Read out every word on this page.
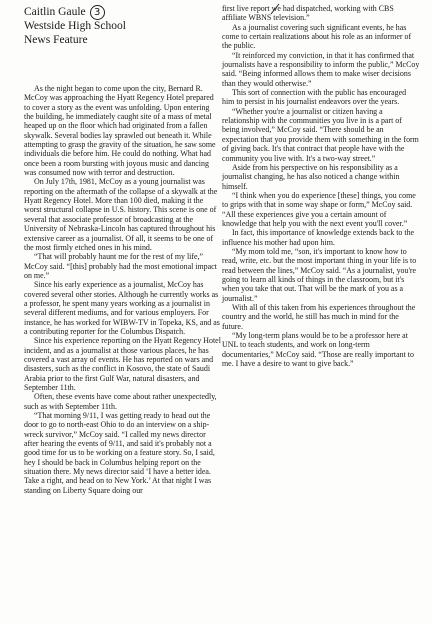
Caitlin Gaule 3
Westside High School
News Feature

As the night began to come upon the city, Bernard R. McCoy was approaching the Hyatt Regency Hotel prepared to cover a story as the event was unfolding. Upon entering the building, he immediately caught site of a mass of metal heaped up on the floor which had originated from a fallen skywalk. Several bodies lay sprawled out beneath it. While attempting to grasp the gravity of the situation, he saw some individuals die before him. He could do nothing. What had once been a room bursting with joyous music and dancing was consumed now with terror and destruction.

On July 17th, 1981, McCoy as a young journalist was reporting on the aftermath of the collapse of a skywalk at the Hyatt Regency Hotel. More than 100 died, making it the worst structural collapse in U.S. history. This scene is one of several that associate professor of broadcasting at the University of Nebraska-Lincoln has captured throughout his extensive career as a journalist. Of all, it seems to be one of the most firmly etched ones in his mind.

“That will probably haunt me for the rest of my life,” McCoy said. “[this] probably had the most emotional impact on me.”

Since his early experience as a journalist, McCoy has covered several other stories. Although he currently works as a professor, he spent many years working as a journalist in several different mediums, and for various employers. For instance, he has worked for WIBW-TV in Topeka, KS, and as a contributing reporter for the Columbus Dispatch.

Since his experience reporting on the Hyatt Regency Hotel incident, and as a journalist at those various places, he has covered a vast array of events. He has reported on wars and disasters, such as the conflict in Kosovo, the state of Saudi Arabia prior to the first Gulf War, natural disasters, and September 11th.

Often, these events have come about rather unexpectedly, such as with September 11th.

“That morning 9/11, I was getting ready to head out the door to go to north-east Ohio to do an interview on a ship-wreck survivor,” McCoy said. “I called my news director after hearing the events of 9/11, and said it's probably not a good time for us to be working on a feature story. So, I said, hey I should be back in Columbus helping report on the situation there. My news director said ‘I have a better idea. Take a right, and head on to New York.’ At that night I was standing on Liberty Square doing our

first live report we had dispatched, working with CBS affiliate WBNS television.”

As a journalist covering such significant events, he has come to certain realizations about his role as an informer of the public.

“It reinforced my conviction, in that it has confirmed that journalists have a responsibility to inform the public,” McCoy said. “Being informed allows them to make wiser decisions than they would otherwise.”

This sort of connection with the public has encouraged him to persist in his journalist endeavors over the years.

“Whether you're a journalist or citizen having a relationship with the communities you live in is a part of being involved,” McCoy said. “There should be an expectation that you provide them with something in the form of giving back. It's that contract that people have with the community you live with. It's a two-way street.”

Aside from his perspective on his responsibility as a journalist changing, he has also noticed a change within himself.

“I think when you do experience [these] things, you come to grips with that in some way shape or form,” McCoy said. “All these experiences give you a certain amount of knowledge that help you with the next event you'll cover.”

In fact, this importance of knowledge extends back to the influence his mother had upon him.

“My mom told me, “son, it's important to know how to read, write, etc. but the most important thing in your life is to read between the lines,” McCoy said. “As a journalist, you're going to learn all kinds of things in the classroom, but it's when you take that out. That will be the mark of you as a journalist.”

With all of this taken from his experiences throughout the country and the world, he still has much in mind for the future.

“My long-term plans would be to be a professor here at UNL to teach students, and work on long-term documentaries,” McCoy said. “Those are really important to me. I have a desire to want to give back.”
